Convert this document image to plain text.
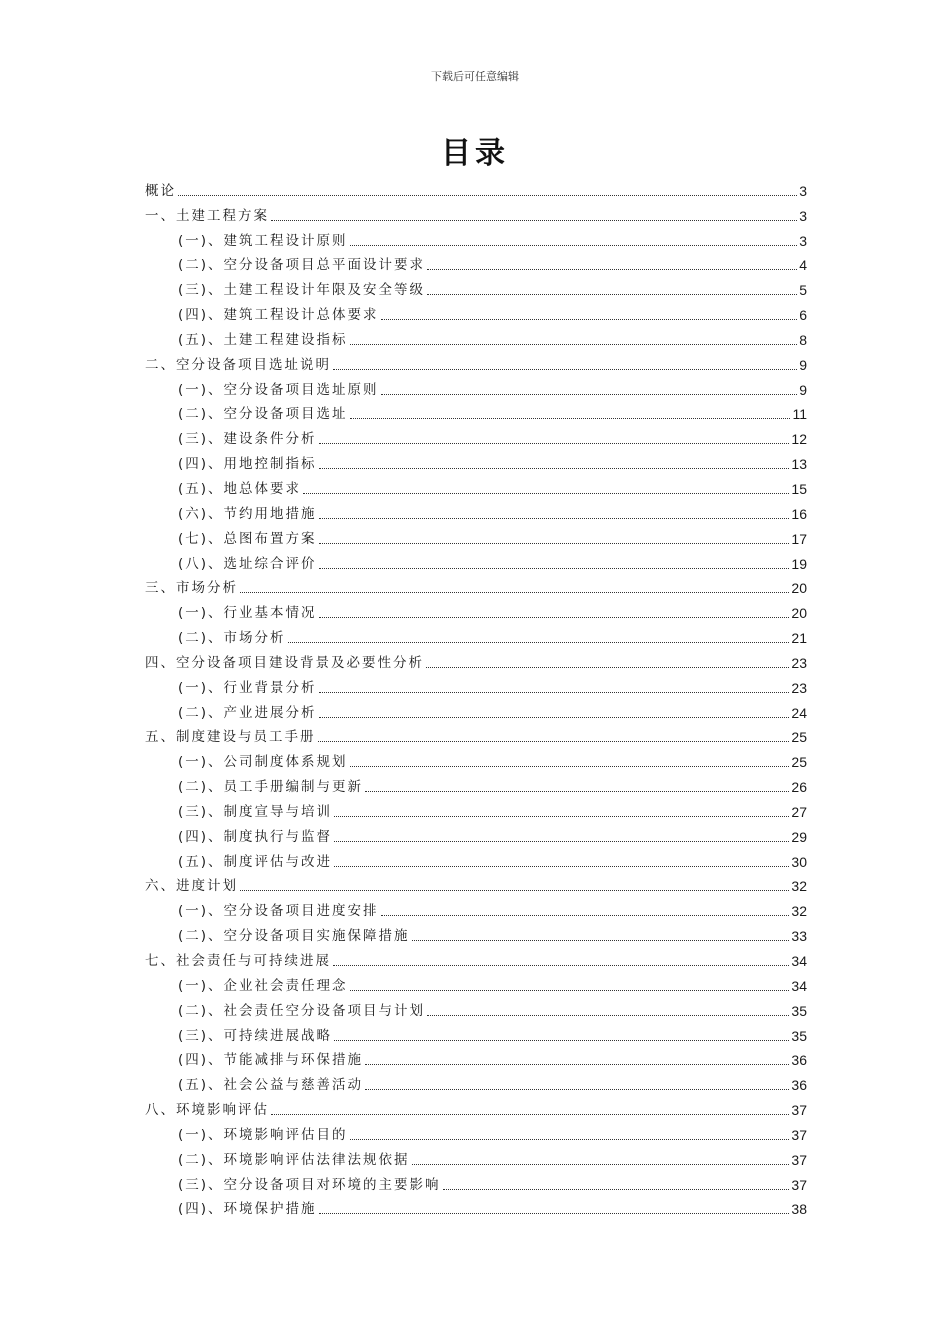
下载后可任意编辑
目录
概论	3
一、土建工程方案	3
(一)、建筑工程设计原则	3
(二)、空分设备项目总平面设计要求	4
(三)、土建工程设计年限及安全等级	5
(四)、建筑工程设计总体要求	6
(五)、土建工程建设指标	8
二、空分设备项目选址说明	9
(一)、空分设备项目选址原则	9
(二)、空分设备项目选址	11
(三)、建设条件分析	12
(四)、用地控制指标	13
(五)、地总体要求	15
(六)、节约用地措施	16
(七)、总图布置方案	17
(八)、选址综合评价	19
三、市场分析	20
(一)、行业基本情况	20
(二)、市场分析	21
四、空分设备项目建设背景及必要性分析	23
(一)、行业背景分析	23
(二)、产业进展分析	24
五、制度建设与员工手册	25
(一)、公司制度体系规划	25
(二)、员工手册编制与更新	26
(三)、制度宣导与培训	27
(四)、制度执行与监督	29
(五)、制度评估与改进	30
六、进度计划	32
(一)、空分设备项目进度安排	32
(二)、空分设备项目实施保障措施	33
七、社会责任与可持续进展	34
(一)、企业社会责任理念	34
(二)、社会责任空分设备项目与计划	35
(三)、可持续进展战略	35
(四)、节能减排与环保措施	36
(五)、社会公益与慈善活动	36
八、环境影响评估	37
(一)、环境影响评估目的	37
(二)、环境影响评估法律法规依据	37
(三)、空分设备项目对环境的主要影响	37
(四)、环境保护措施	38
